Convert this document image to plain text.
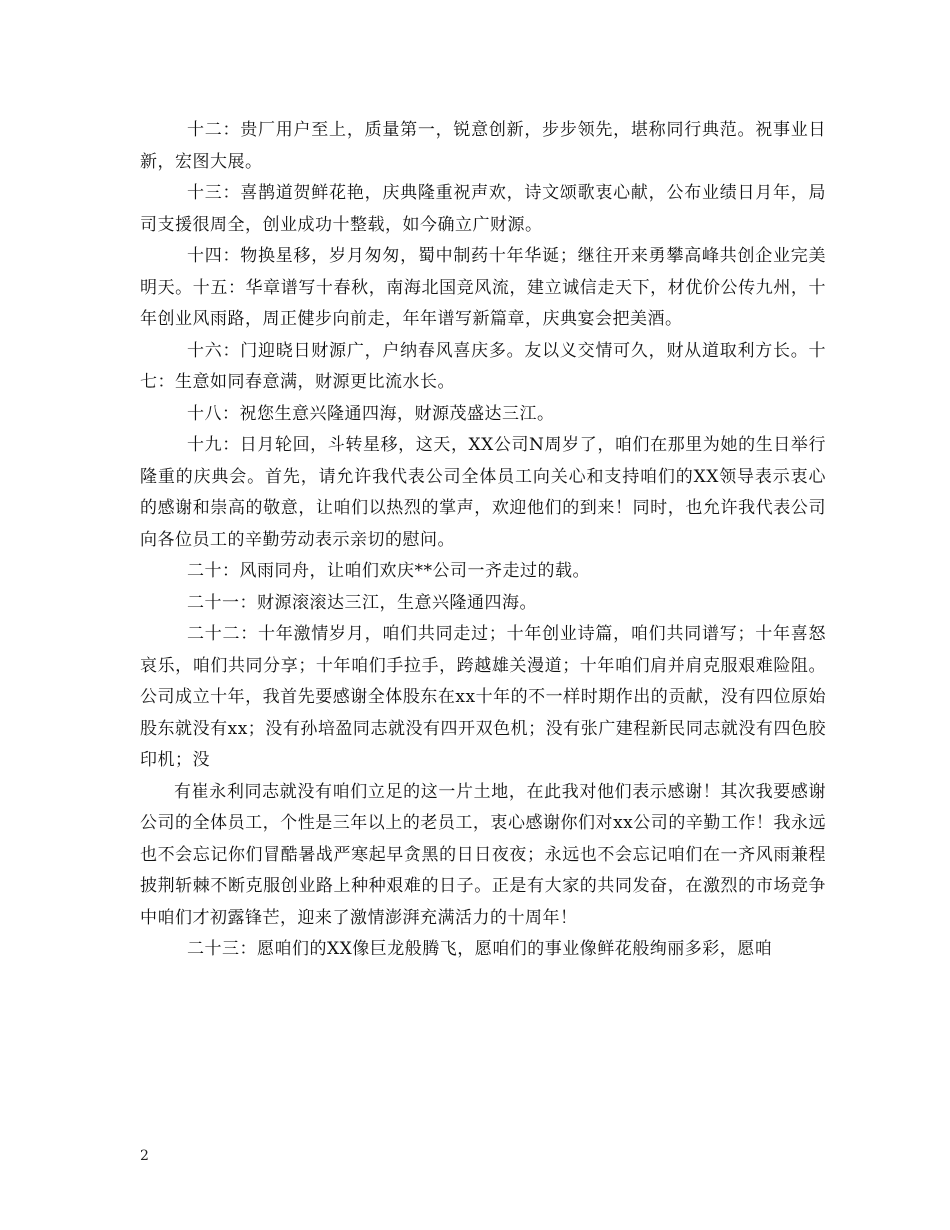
十二：贵厂用户至上，质量第一，锐意创新，步步领先，堪称同行典范。祝事业日新，宏图大展。

十三：喜鹊道贺鲜花艳，庆典隆重祝声欢，诗文颂歌衷心献，公布业绩日月年，局司支援很周全，创业成功十整载，如今确立广财源。

十四：物换星移，岁月匆匆，蜀中制药十年华诞；继往开来勇攀高峰共创企业完美明天。十五：华章谱写十春秋，南海北国竞风流，建立诚信走天下，材优价公传九州，十年创业风雨路，周正健步向前走，年年谱写新篇章，庆典宴会把美酒。

十六：门迎晓日财源广，户纳春风喜庆多。友以义交情可久，财从道取利方长。十七：生意如同春意满，财源更比流水长。

十八：祝您生意兴隆通四海，财源茂盛达三江。

十九：日月轮回，斗转星移，这天，XX公司N周岁了，咱们在那里为她的生日举行隆重的庆典会。首先，请允许我代表公司全体员工向关心和支持咱们的XX领导表示衷心的感谢和崇高的敬意，让咱们以热烈的掌声，欢迎他们的到来！同时，也允许我代表公司向各位员工的辛勤劳动表示亲切的慰问。

二十：风雨同舟，让咱们欢庆**公司一齐走过的载。

二十一：财源滚滚达三江，生意兴隆通四海。

二十二：十年激情岁月，咱们共同走过；十年创业诗篇，咱们共同谱写；十年喜怒哀乐，咱们共同分享；十年咱们手拉手，跨越雄关漫道；十年咱们肩并肩克服艰难险阻。公司成立十年，我首先要感谢全体股东在xx十年的不一样时期作出的贡献，没有四位原始股东就没有xx；没有孙培盈同志就没有四开双色机；没有张广建程新民同志就没有四色胶印机；没

有崔永利同志就没有咱们立足的这一片土地，在此我对他们表示感谢！其次我要感谢公司的全体员工，个性是三年以上的老员工，衷心感谢你们对xx公司的辛勤工作！我永远也不会忘记你们冒酷暑战严寒起早贪黑的日日夜夜；永远也不会忘记咱们在一齐风雨兼程披荆斩棘不断克服创业路上种种艰难的日子。正是有大家的共同发奋，在激烈的市场竞争中咱们才初露锋芒，迎来了激情澎湃充满活力的十周年！

二十三：愿咱们的XX像巨龙般腾飞，愿咱们的事业像鲜花般绚丽多彩，愿咱

2
